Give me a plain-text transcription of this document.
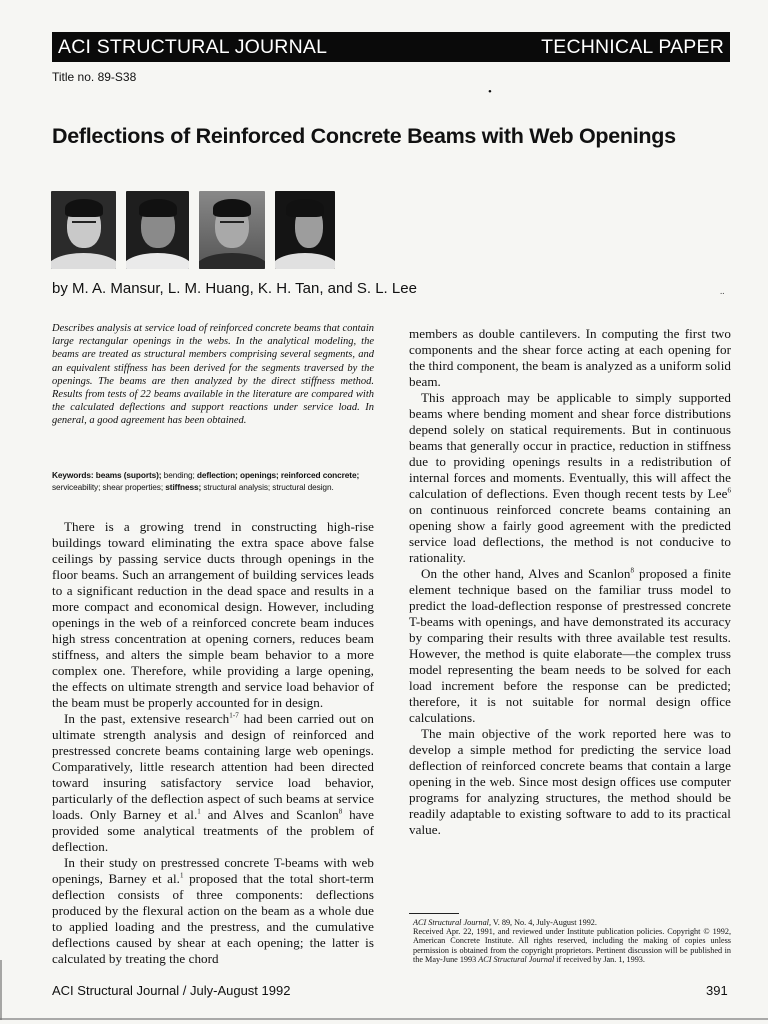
ACI STRUCTURAL JOURNAL	TECHNICAL PAPER
Title no. 89-S38
•
Deflections of Reinforced Concrete Beams with Web Openings
by M. A. Mansur, L. M. Huang, K. H. Tan, and S. L. Lee	..

Describes analysis at service load of reinforced concrete beams that contain large rectangular openings in the webs. In the analytical modeling, the beams are treated as structural members comprising several segments, and an equivalent stiffness has been derived for the segments traversed by the openings. The beams are then analyzed by the direct stiffness method. Results from tests of 22 beams available in the literature are compared with the calculated deflections and support reactions under service load. In general, a good agreement has been obtained.

Keywords: beams (suports); bending; deflection; openings; reinforced concrete; serviceability; shear properties; stiffness; structural analysis; structural design.

There is a growing trend in constructing high-rise buildings toward eliminating the extra space above false ceilings by passing service ducts through openings in the floor beams. Such an arrangement of building services leads to a significant reduction in the dead space and results in a more compact and economical design. However, including openings in the web of a reinforced concrete beam induces high stress concentration at opening corners, reduces beam stiffness, and alters the simple beam behavior to a more complex one. Therefore, while providing a large opening, the effects on ultimate strength and service load behavior of the beam must be properly accounted for in design.

In the past, extensive research$^{1-7}$ had been carried out on ultimate strength analysis and design of reinforced and prestressed concrete beams containing large web openings. Comparatively, little research attention had been directed toward insuring satisfactory service load behavior, particularly of the deflection aspect of such beams at service loads. Only Barney et al.$^1$ and Alves and Scanlon$^8$ have provided some analytical treatments of the problem of deflection.

In their study on prestressed concrete T-beams with web openings, Barney et al.$^1$ proposed that the total short-term deflection consists of three components: deflections produced by the flexural action on the beam as a whole due to applied loading and the prestress, and the cumulative deflections caused by shear at each opening; the latter is calculated by treating the chord

members as double cantilevers. In computing the first two components and the shear force acting at each opening for the third component, the beam is analyzed as a uniform solid beam.

This approach may be applicable to simply supported beams where bending moment and shear force distributions depend solely on statical requirements. But in continuous beams that generally occur in practice, reduction in stiffness due to providing openings results in a redistribution of internal forces and moments. Eventually, this will affect the calculation of deflections. Even though recent tests by Lee$^6$ on continuous reinforced concrete beams containing an opening show a fairly good agreement with the predicted service load deflections, the method is not conducive to rationality.

On the other hand, Alves and Scanlon$^8$ proposed a finite element technique based on the familiar truss model to predict the load-deflection response of prestressed concrete T-beams with openings, and have demonstrated its accuracy by comparing their results with three available test results. However, the method is quite elaborate—the complex truss model representing the beam needs to be solved for each load increment before the response can be predicted; therefore, it is not suitable for normal design office calculations.

The main objective of the work reported here was to develop a simple method for predicting the service load deflection of reinforced concrete beams that contain a large opening in the web. Since most design offices use computer programs for analyzing structures, the method should be readily adaptable to existing software to add to its practical value.

ACI Structural Journal, V. 89, No. 4, July-August 1992.
Received Apr. 22, 1991, and reviewed under Institute publication policies. Copyright © 1992, American Concrete Institute. All rights reserved, including the making of copies unless permission is obtained from the copyright proprietors. Pertinent discussion will be published in the May-June 1993 ACI Structural Journal if received by Jan. 1, 1993.

ACI Structural Journal / July-August 1992	391
